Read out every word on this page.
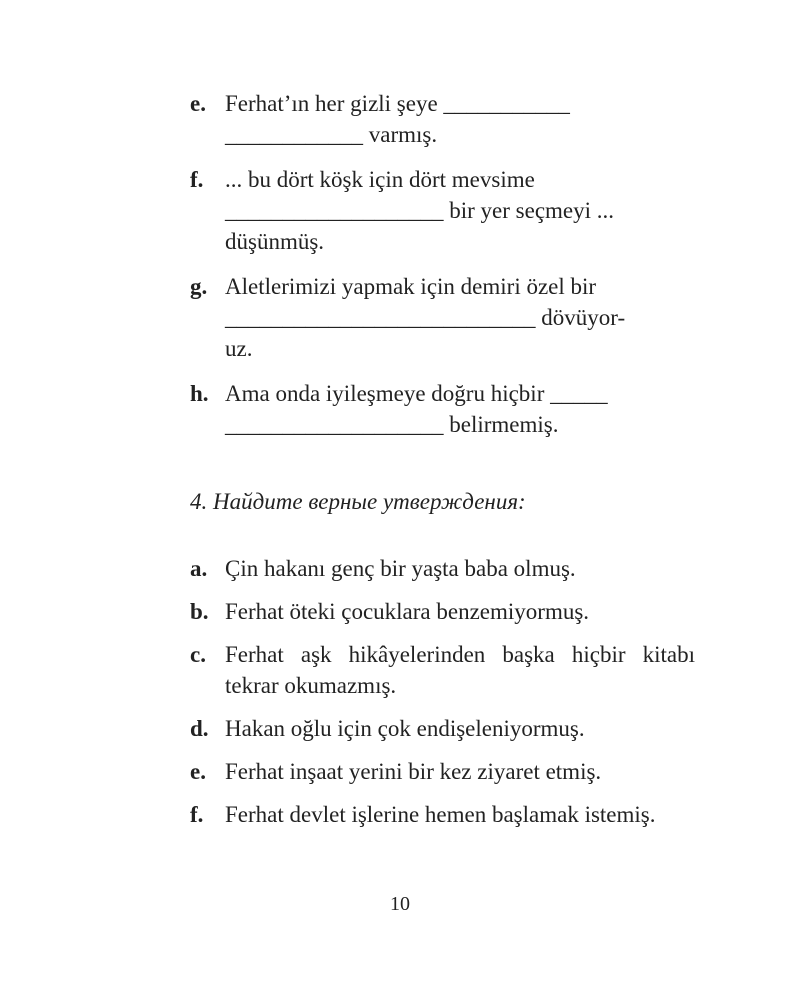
e. Ferhat’ın her gizli şeye ___________
____________ varmış.
f. ... bu dört köşk için dört mevsime
___________________ bir yer seçmeyi ...
düşünmüş.
g. Aletlerimizi yapmak için demiri özel bir
___________________________ dövüyor-
uz.
h. Ama onda iyileşmeye doğru hiçbir _____
___________________ belirmemiş.
4. Найдите верные утверждения:
a. Çin hakanı genç bir yaşta baba olmuş.
b. Ferhat öteki çocuklara benzemiyormuş.
c. Ferhat aşk hikâyelerinden başka hiçbir kitabı tekrar okumazmış.
d. Hakan oğlu için çok endişeleniyormuş.
e. Ferhat inşaat yerini bir kez ziyaret etmiş.
f. Ferhat devlet işlerine hemen başlamak istemiş.
10
